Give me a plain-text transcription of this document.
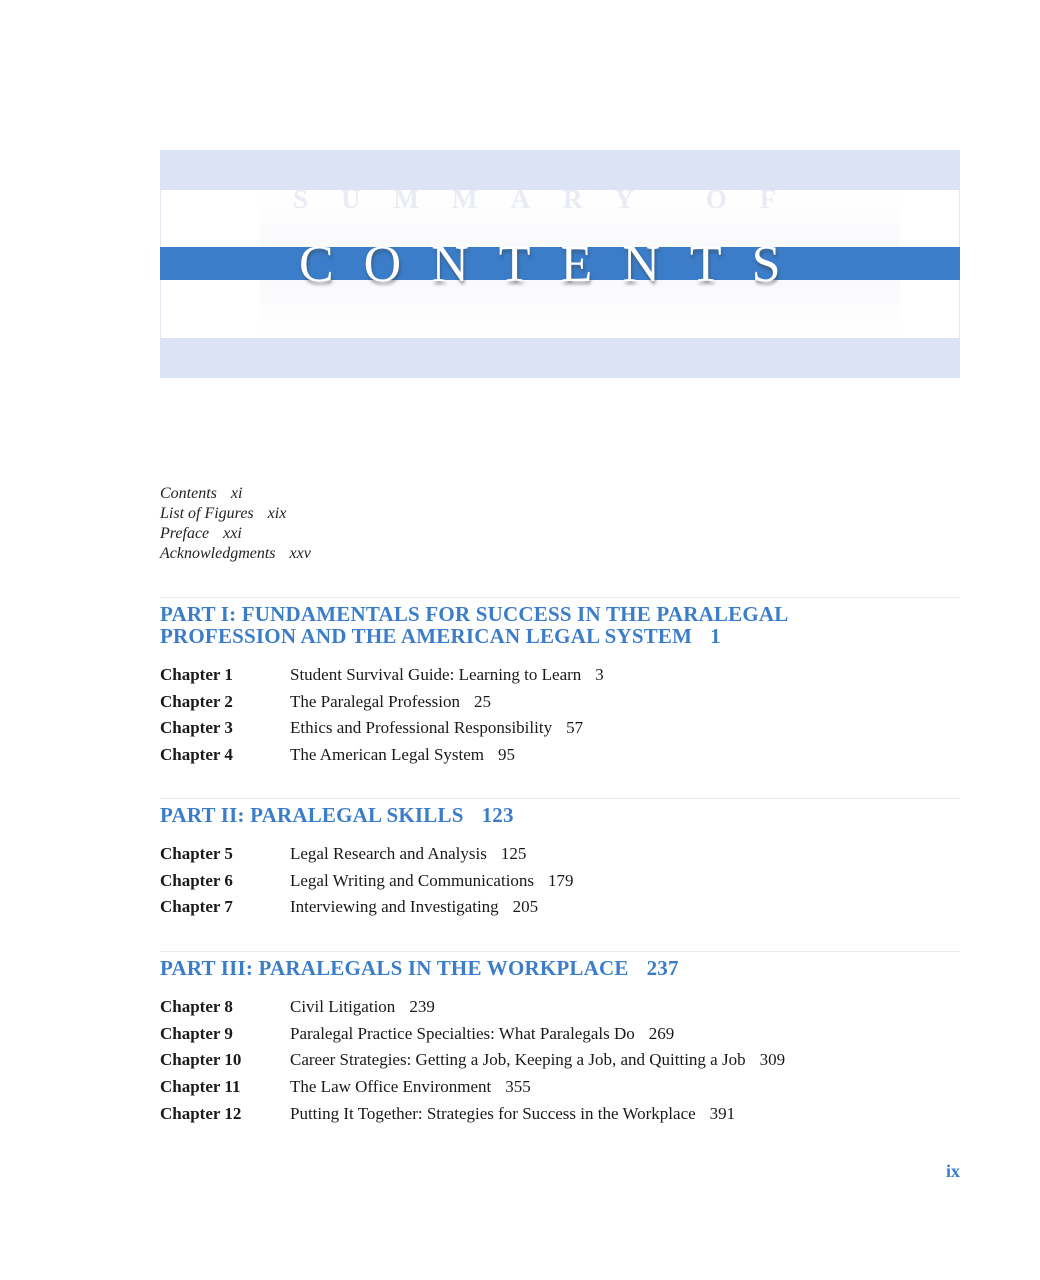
SUMMARY OF
CONTENTS
Contents xi
List of Figures xix
Preface xxi
Acknowledgments xxv
PART I: FUNDAMENTALS FOR SUCCESS IN THE PARALEGAL
PROFESSION AND THE AMERICAN LEGAL SYSTEM 1
Chapter 1	Student Survival Guide: Learning to Learn 3
Chapter 2	The Paralegal Profession 25
Chapter 3	Ethics and Professional Responsibility 57
Chapter 4	The American Legal System 95
PART II: PARALEGAL SKILLS 123
Chapter 5	Legal Research and Analysis 125
Chapter 6	Legal Writing and Communications 179
Chapter 7	Interviewing and Investigating 205
PART III: PARALEGALS IN THE WORKPLACE 237
Chapter 8	Civil Litigation 239
Chapter 9	Paralegal Practice Specialties: What Paralegals Do 269
Chapter 10	Career Strategies: Getting a Job, Keeping a Job, and Quitting a Job 309
Chapter 11	The Law Office Environment 355
Chapter 12	Putting It Together: Strategies for Success in the Workplace 391
ix
